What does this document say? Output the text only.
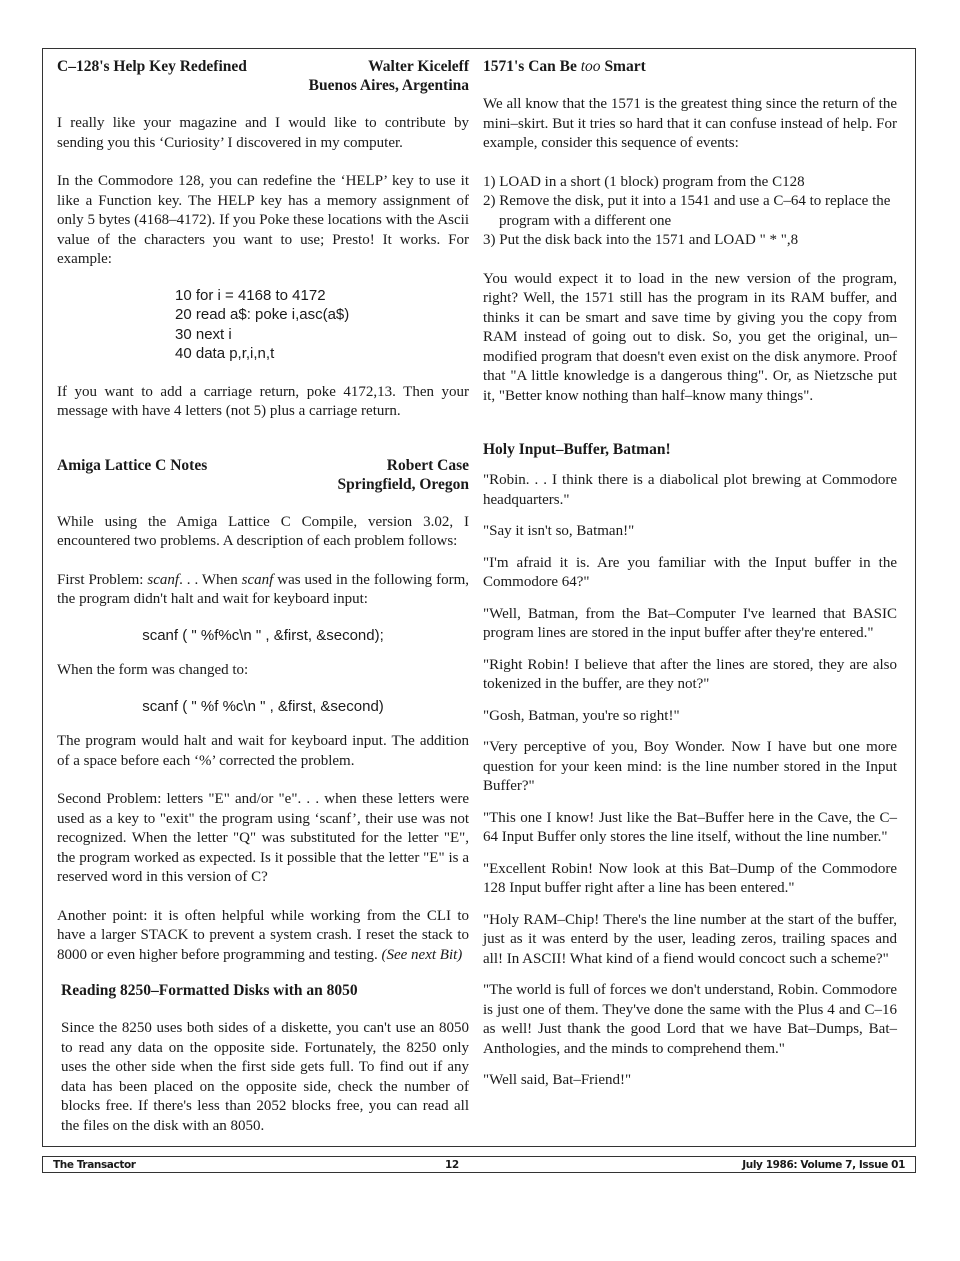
C–128's Help Key Redefined	Walter Kiceleff
Buenos Aires, Argentina

I really like your magazine and I would like to contribute by sending you this ‘Curiosity’ I discovered in my computer.

In the Commodore 128, you can redefine the ‘HELP’ key to use it like a Function key. The HELP key has a memory assignment of only 5 bytes (4168–4172). If you Poke these locations with the Ascii value of the characters you want to use; Presto! It works. For example:

10 for i = 4168 to 4172
20 read a$: poke i,asc(a$)
30 next i
40 data p,r,i,n,t

If you want to add a carriage return, poke 4172,13. Then your message with have 4 letters (not 5) plus a carriage return.

Amiga Lattice C Notes	Robert Case
Springfield, Oregon

While using the Amiga Lattice C Compile, version 3.02, I encountered two problems. A description of each problem follows:

First Problem: scanf. . . When scanf was used in the following form, the program didn't halt and wait for keyboard input:

scanf ( " %f%c\n " , &first, &second);

When the form was changed to:

scanf ( " %f %c\n " , &first, &second)

The program would halt and wait for keyboard input. The addition of a space before each ‘%’ corrected the problem.

Second Problem: letters "E" and/or "e". . . when these letters were used as a key to "exit" the program using ‘scanf’, their use was not recognized. When the letter "Q" was substituted for the letter "E", the program worked as expected. Is it possible that the letter "E" is a reserved word in this version of C?

Another point: it is often helpful while working from the CLI to have a larger STACK to prevent a system crash. I reset the stack to 8000 or even higher before programming and testing. (See next Bit)

Reading 8250–Formatted Disks with an 8050

Since the 8250 uses both sides of a diskette, you can't use an 8050 to read any data on the opposite side. Fortunately, the 8250 only uses the other side when the first side gets full. To find out if any data has been placed on the opposite side, check the number of blocks free. If there's less than 2052 blocks free, you can read all the files on the disk with an 8050.

1571's Can Be too Smart

We all know that the 1571 is the greatest thing since the return of the mini–skirt. But it tries so hard that it can confuse instead of help. For example, consider this sequence of events:

1) LOAD in a short (1 block) program from the C128
2) Remove the disk, put it into a 1541 and use a C–64 to replace the program with a different one
3) Put the disk back into the 1571 and LOAD " * ",8

You would expect it to load in the new version of the program, right? Well, the 1571 still has the program in its RAM buffer, and thinks it can be smart and save time by giving you the copy from RAM instead of going out to disk. So, you get the original, un–modified program that doesn't even exist on the disk anymore. Proof that "A little knowledge is a dangerous thing". Or, as Nietzsche put it, "Better know nothing than half–know many things".

Holy Input–Buffer, Batman!

"Robin. . . I think there is a diabolical plot brewing at Commodore headquarters."

"Say it isn't so, Batman!"

"I'm afraid it is. Are you familiar with the Input buffer in the Commodore 64?"

"Well, Batman, from the Bat–Computer I've learned that BASIC program lines are stored in the input buffer after they're entered."

"Right Robin! I believe that after the lines are stored, they are also tokenized in the buffer, are they not?"

"Gosh, Batman, you're so right!"

"Very perceptive of you, Boy Wonder. Now I have but one more question for your keen mind: is the line number stored in the Input Buffer?"

"This one I know! Just like the Bat–Buffer here in the Cave, the C–64 Input Buffer only stores the line itself, without the line number."

"Excellent Robin! Now look at this Bat–Dump of the Commodore 128 Input buffer right after a line has been entered."

"Holy RAM–Chip! There's the line number at the start of the buffer, just as it was enterd by the user, leading zeros, trailing spaces and all! In ASCII! What kind of a fiend would concoct such a scheme?"

"The world is full of forces we don't understand, Robin. Commodore is just one of them. They've done the same with the Plus 4 and C–16 as well! Just thank the good Lord that we have Bat–Dumps, Bat–Anthologies, and the minds to comprehend them."

"Well said, Bat–Friend!"

The Transactor	12	July 1986: Volume 7, Issue 01
